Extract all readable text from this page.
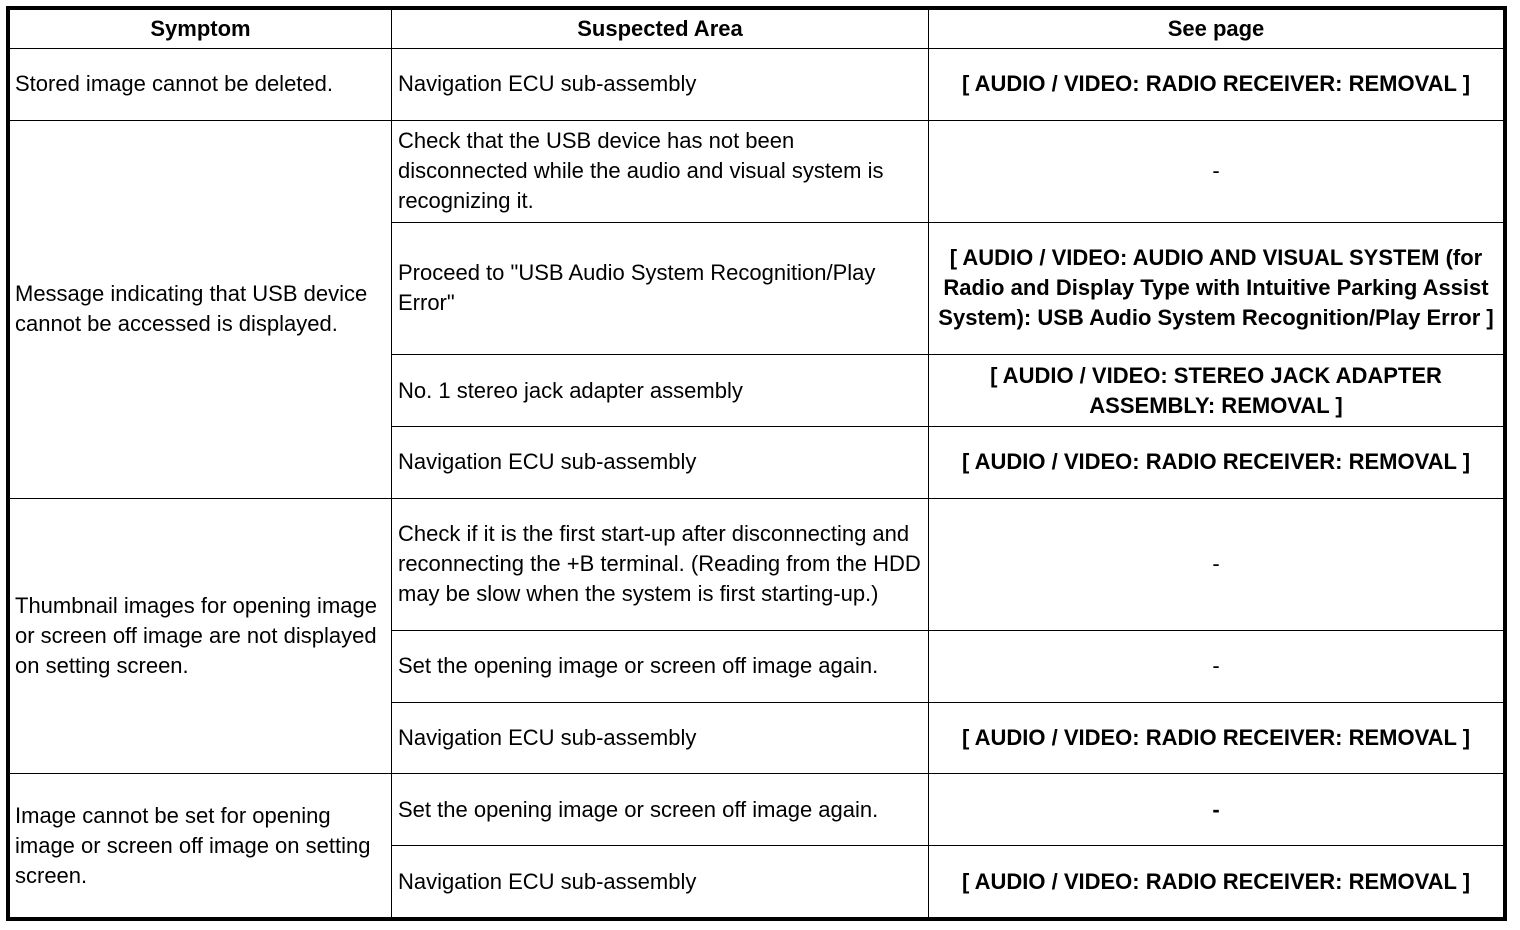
Symptom	Suspected Area	See page
Stored image cannot be deleted.	Navigation ECU sub-assembly	[ AUDIO / VIDEO: RADIO RECEIVER: REMOVAL ]
Message indicating that USB device cannot be accessed is displayed.	Check that the USB device has not been disconnected while the audio and visual system is recognizing it.	-
	Proceed to "USB Audio System Recognition/Play Error"	[ AUDIO / VIDEO: AUDIO AND VISUAL SYSTEM (for Radio and Display Type with Intuitive Parking Assist System): USB Audio System Recognition/Play Error ]
	No. 1 stereo jack adapter assembly	[ AUDIO / VIDEO: STEREO JACK ADAPTER ASSEMBLY: REMOVAL ]
	Navigation ECU sub-assembly	[ AUDIO / VIDEO: RADIO RECEIVER: REMOVAL ]
Thumbnail images for opening image or screen off image are not displayed on setting screen.	Check if it is the first start-up after disconnecting and reconnecting the +B terminal. (Reading from the HDD may be slow when the system is first starting-up.)	-
	Set the opening image or screen off image again.	-
	Navigation ECU sub-assembly	[ AUDIO / VIDEO: RADIO RECEIVER: REMOVAL ]
Image cannot be set for opening image or screen off image on setting screen.	Set the opening image or screen off image again.	-
	Navigation ECU sub-assembly	[ AUDIO / VIDEO: RADIO RECEIVER: REMOVAL ]
